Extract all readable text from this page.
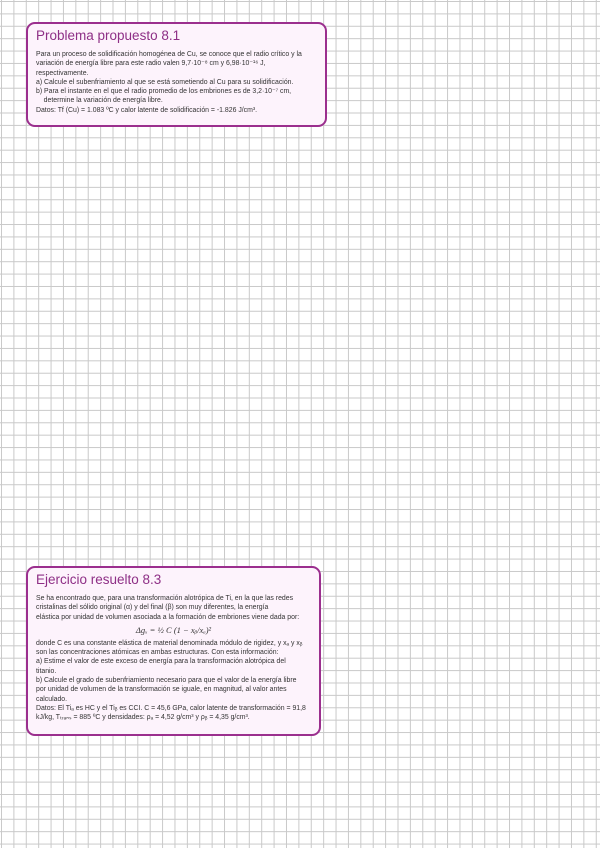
Problema propuesto 8.1

Para un proceso de solidificación homogénea de Cu, se conoce que el radio crítico y la

variación de energía libre para este radio valen 9,7·10⁻⁸ cm y 6,98·10⁻¹⁶ J,

respectivamente.

a) Calcule el subenfriamiento al que se está sometiendo al Cu para su solidificación.

b) Para el instante en el que el radio promedio de los embriones es de 3,2·10⁻⁷ cm,

determine la variación de energía libre.

Datos: Tf (Cu) = 1.083 ºC y calor latente de solidificación = -1.826 J/cm³.

Ejercicio resuelto 8.3

Se ha encontrado que, para una transformación alotrópica de Ti, en la que las redes

cristalinas del sólido original (α) y del final (β) son muy diferentes, la energía

elástica por unidad de volumen asociada a la formación de embriones viene dada por:

Δgₓ = ½ C (1 − xᵦ/xₐ)²

donde C es una constante elástica de material denominada módulo de rigidez, y xₐ y xᵦ

son las concentraciones atómicas en ambas estructuras. Con esta información:

a) Estime el valor de este exceso de energía para la transformación alotrópica del

titanio.

b) Calcule el grado de subenfriamiento necesario para que el valor de la energía libre

por unidad de volumen de la transformación se iguale, en magnitud, al valor antes

calculado.

Datos: El Tiₐ es HC y el Tiᵦ es CCI. C = 45,6 GPa, calor latente de transformación = 91,8

kJ/kg, Tₜᵣₐₙₛ = 885 ºC y densidades: ρₐ = 4,52 g/cm³ y ρᵦ = 4,35 g/cm³.
